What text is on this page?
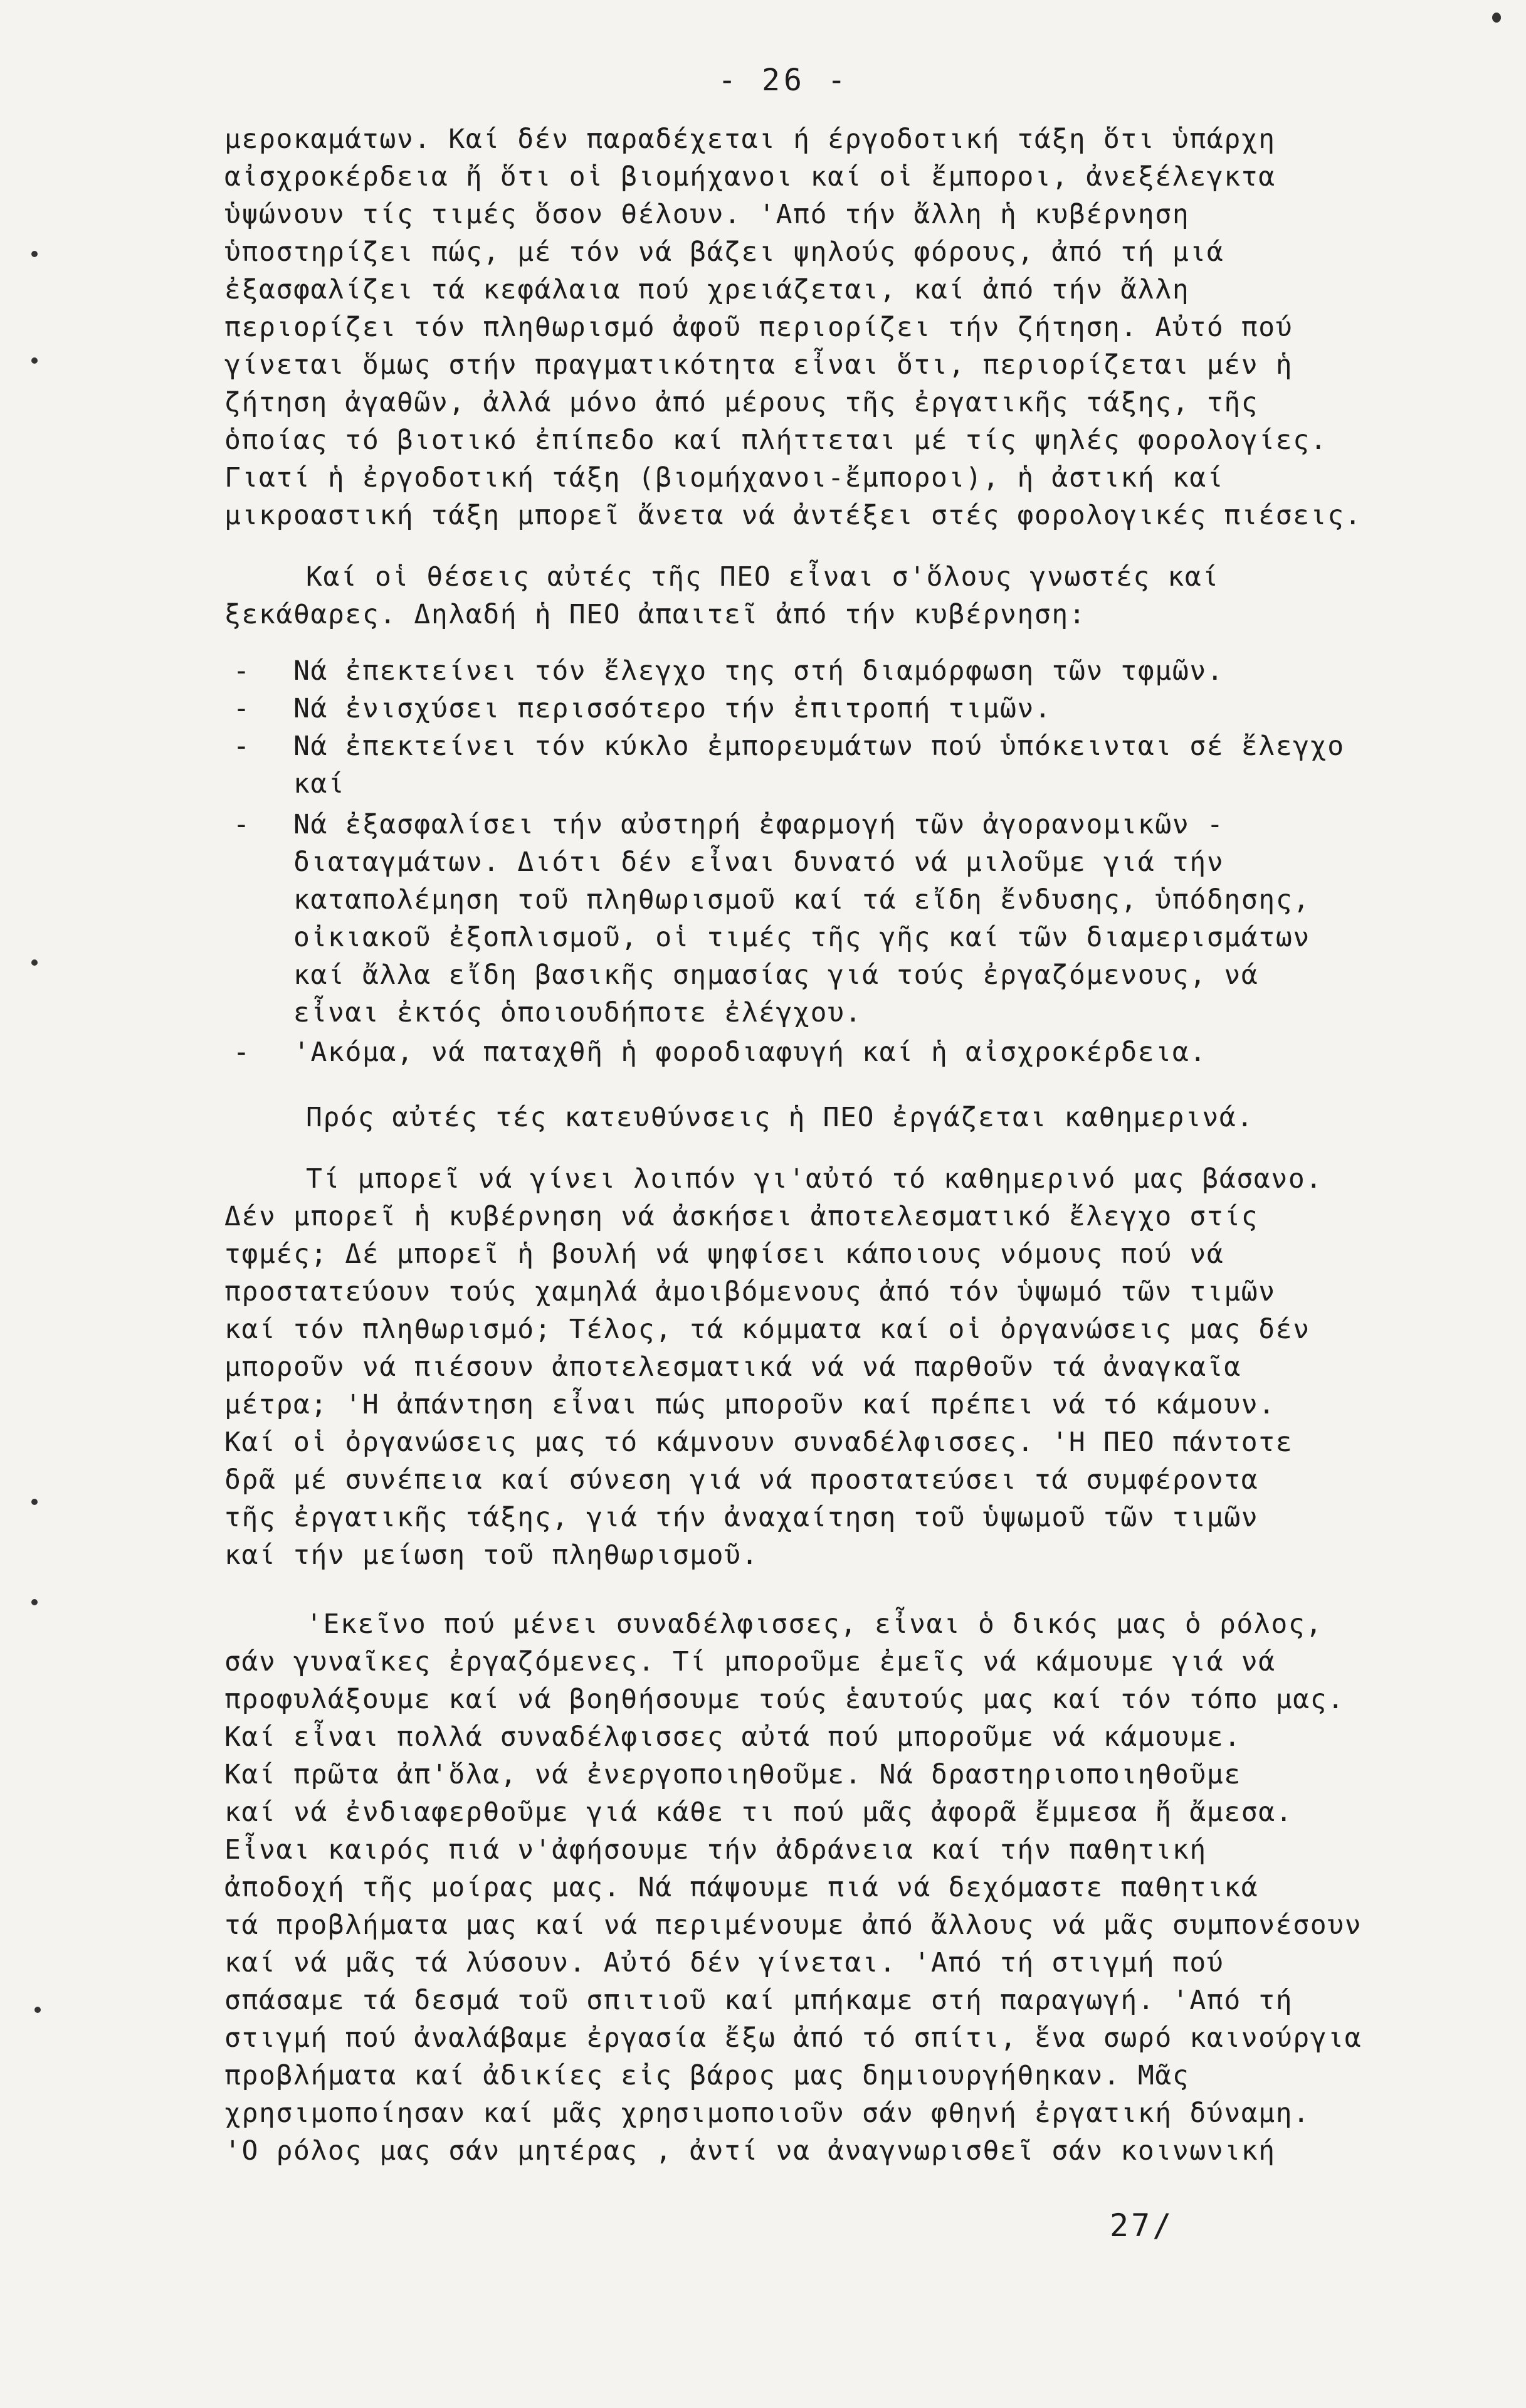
- 26 -
μεροκαμάτων. Καί δέν παραδέχεται ή έργοδοτική τάξη ὅτι ὑπάρχη
αἰσχροκέρδεια ἤ ὅτι οἱ βιομήχανοι καί οἱ ἔμποροι, ἀνεξέλεγκτα
ὑψώνουν τίς τιμές ὅσον θέλουν. 'Από τήν ἄλλη ἡ κυβέρνηση
ὑποστηρίζει πώς, μέ τόν νά βάζει ψηλούς φόρους, ἀπό τή μιά
ἐξασφαλίζει τά κεφάλαια πού χρειάζεται, καί ἀπό τήν ἄλλη
περιορίζει τόν πληθωρισμό ἀφοῦ περιορίζει τήν ζήτηση. Αὐτό πού
γίνεται ὅμως στήν πραγματικότητα εἶναι ὅτι, περιορίζεται μέν ἡ
ζήτηση ἀγαθῶν, ἀλλά μόνο ἀπό μέρους τῆς ἐργατικῆς τάξης, τῆς
ὁποίας τό βιοτικό ἐπίπεδο καί πλήττεται μέ τίς ψηλές φορολογίες.
Γιατί ἡ ἐργοδοτική τάξη (βιομήχανοι-ἔμποροι), ἡ ἀστική καί
μικροαστική τάξη μπορεῖ ἄνετα νά ἀντέξει στές φορολογικές πιέσεις.
Καί οἱ θέσεις αὐτές τῆς ΠΕΟ εἶναι σ'ὅλους γνωστές καί
ξεκάθαρες. Δηλαδή ἡ ΠΕΟ ἀπαιτεῖ ἀπό τήν κυβέρνηση:
- Νά ἐπεκτείνει τόν ἔλεγχο της στή διαμόρφωση τῶν τφμῶν.
- Νά ἐνισχύσει περισσότερο τήν ἐπιτροπή τιμῶν.
- Νά ἐπεκτείνει τόν κύκλο ἐμπορευμάτων πού ὑπόκεινται σέ ἔλεγχο
καί
- Νά ἐξασφαλίσει τήν αὐστηρή ἐφαρμογή τῶν ἀγορανομικῶν -
διαταγμάτων. Διότι δέν εἶναι δυνατό νά μιλοῦμε γιά τήν
καταπολέμηση τοῦ πληθωρισμοῦ καί τά εἴδη ἔνδυσης, ὑπόδησης,
οἰκιακοῦ ἐξοπλισμοῦ, οἱ τιμές τῆς γῆς καί τῶν διαμερισμάτων
καί ἄλλα εἴδη βασικῆς σημασίας γιά τούς ἐργαζόμενους, νά
εἶναι ἐκτός ὁποιουδήποτε ἐλέγχου.
- 'Ακόμα, νά παταχθῆ ἡ φοροδιαφυγή καί ἡ αἰσχροκέρδεια.
Πρός αὐτές τές κατευθύνσεις ἡ ΠΕΟ ἐργάζεται καθημερινά.
Τί μπορεῖ νά γίνει λοιπόν γι'αὐτό τό καθημερινό μας βάσανο.
Δέν μπορεῖ ἡ κυβέρνηση νά ἀσκήσει ἀποτελεσματικό ἔλεγχο στίς
τφμές; Δέ μπορεῖ ἡ βουλή νά ψηφίσει κάποιους νόμους πού νά
προστατεύουν τούς χαμηλά ἀμοιβόμενους ἀπό τόν ὑψωμό τῶν τιμῶν
καί τόν πληθωρισμό; Τέλος, τά κόμματα καί οἱ ὀργανώσεις μας δέν
μποροῦν νά πιέσουν ἀποτελεσματικά νά νά παρθοῦν τά ἀναγκαῖα
μέτρα; 'Η ἀπάντηση εἶναι πώς μποροῦν καί πρέπει νά τό κάμουν.
Καί οἱ ὀργανώσεις μας τό κάμνουν συναδέλφισσες. 'Η ΠΕΟ πάντοτε
δρᾶ μέ συνέπεια καί σύνεση γιά νά προστατεύσει τά συμφέροντα
τῆς ἐργατικῆς τάξης, γιά τήν ἀναχαίτηση τοῦ ὑψωμοῦ τῶν τιμῶν
καί τήν μείωση τοῦ πληθωρισμοῦ.
'Εκεῖνο πού μένει συναδέλφισσες, εἶναι ὁ δικός μας ὁ ρόλος,
σάν γυναῖκες ἐργαζόμενες. Τί μποροῦμε ἐμεῖς νά κάμουμε γιά νά
προφυλάξουμε καί νά βοηθήσουμε τούς ἑαυτούς μας καί τόν τόπο μας.
Καί εἶναι πολλά συναδέλφισσες αὐτά πού μποροῦμε νά κάμουμε.
Καί πρῶτα ἀπ'ὅλα, νά ἐνεργοποιηθοῦμε. Νά δραστηριοποιηθοῦμε
καί νά ἐνδιαφερθοῦμε γιά κάθε τι πού μᾶς ἀφορᾶ ἔμμεσα ἤ ἄμεσα.
Εἶναι καιρός πιά ν'ἀφήσουμε τήν ἀδράνεια καί τήν παθητική
ἀποδοχή τῆς μοίρας μας. Νά πάψουμε πιά νά δεχόμαστε παθητικά
τά προβλήματα μας καί νά περιμένουμε ἀπό ἄλλους νά μᾶς συμπονέσουν
καί νά μᾶς τά λύσουν. Αὐτό δέν γίνεται. 'Από τή στιγμή πού
σπάσαμε τά δεσμά τοῦ σπιτιοῦ καί μπήκαμε στή παραγωγή. 'Από τή
στιγμή πού ἀναλάβαμε ἐργασία ἔξω ἀπό τό σπίτι, ἕνα σωρό καινούργια
προβλήματα καί ἀδικίες εἰς βάρος μας δημιουργήθηκαν. Μᾶς
χρησιμοποίησαν καί μᾶς χρησιμοποιοῦν σάν φθηνή ἐργατική δύναμη.
'Ο ρόλος μας σάν μητέρας , ἀντί να ἀναγνωρισθεῖ σάν κοινωνική
27/
